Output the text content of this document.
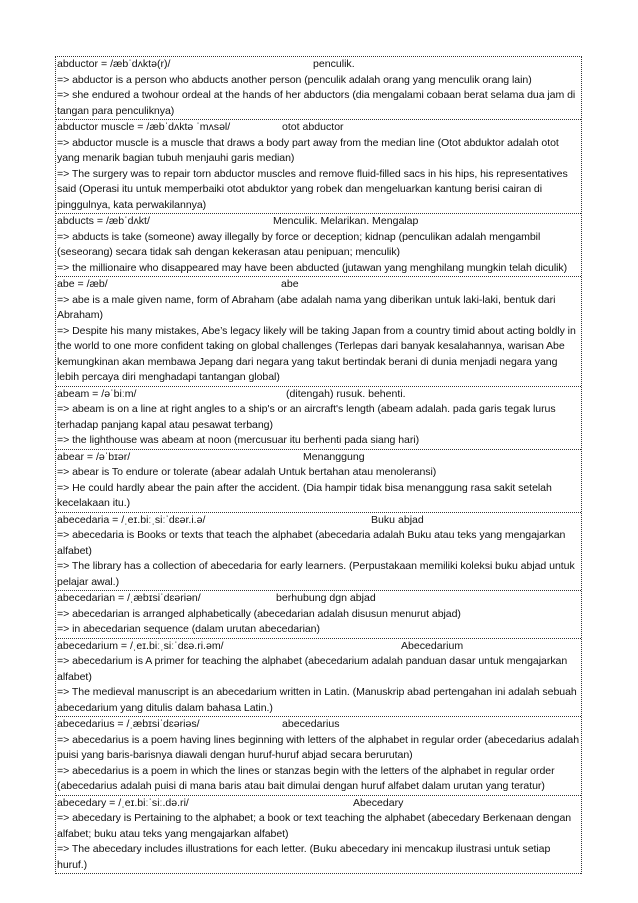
abductor = /æbˈdʌktə(r)/	penculik.
=> abductor is a person who abducts another person (penculik adalah orang yang menculik orang lain)
=> she endured a twohour ordeal at the hands of her abductors (dia mengalami cobaan berat selama dua jam di tangan para penculiknya)
abductor muscle = /æbˈdʌktə ˈmʌsəl/	otot abductor
=> abductor muscle is a muscle that draws a body part away from the median line (Otot abduktor adalah otot yang menarik bagian tubuh menjauhi garis median)
=> The surgery was to repair torn abductor muscles and remove fluid-filled sacs in his hips, his representatives said (Operasi itu untuk memperbaiki otot abduktor yang robek dan mengeluarkan kantung berisi cairan di pinggulnya, kata perwakilannya)
abducts = /æbˈdʌkt/	Menculik. Melarikan. Mengalap
=> abducts is take (someone) away illegally by force or deception; kidnap (penculikan adalah mengambil (seseorang) secara tidak sah dengan kekerasan atau penipuan; menculik)
=> the millionaire who disappeared may have been abducted (jutawan yang menghilang mungkin telah diculik)
abe = /æb/	abe
=> abe is a male given name, form of Abraham (abe adalah nama yang diberikan untuk laki-laki, bentuk dari Abraham)
=> Despite his many mistakes, Abe’s legacy likely will be taking Japan from a country timid about acting boldly in the world to one more confident taking on global challenges (Terlepas dari banyak kesalahannya, warisan Abe kemungkinan akan membawa Jepang dari negara yang takut bertindak berani di dunia menjadi negara yang lebih percaya diri menghadapi tantangan global)
abeam = /əˈbiːm/	(ditengah) rusuk. behenti.
=> abeam is on a line at right angles to a ship's or an aircraft's length (abeam adalah. pada garis tegak lurus terhadap panjang kapal atau pesawat terbang)
=> the lighthouse was abeam at noon (mercusuar itu berhenti pada siang hari)
abear = /əˈbɪər/	Menanggung
=> abear is To endure or tolerate (abear adalah Untuk bertahan atau menoleransi)
=> He could hardly abear the pain after the accident. (Dia hampir tidak bisa menanggung rasa sakit setelah kecelakaan itu.)
abecedaria = /ˌeɪ.biːˌsiːˈdɛər.i.ə/	Buku abjad
=> abecedaria is Books or texts that teach the alphabet (abecedaria adalah Buku atau teks yang mengajarkan alfabet)
=> The library has a collection of abecedaria for early learners. (Perpustakaan memiliki koleksi buku abjad untuk pelajar awal.)
abecedarian = /ˌæbɪsiˈdɛəriən/	berhubung dgn abjad
=> abecedarian is arranged alphabetically (abecedarian adalah disusun menurut abjad)
=> in abecedarian sequence (dalam urutan abecedarian)
abecedarium = /ˌeɪ.biːˌsiːˈdɛə.ri.əm/	Abecedarium
=> abecedarium is A primer for teaching the alphabet (abecedarium adalah panduan dasar untuk mengajarkan alfabet)
=> The medieval manuscript is an abecedarium written in Latin. (Manuskrip abad pertengahan ini adalah sebuah abecedarium yang ditulis dalam bahasa Latin.)
abecedarius = /ˌæbɪsiˈdɛəriəs/	abecedarius
=> abecedarius is a poem having lines beginning with letters of the alphabet in regular order (abecedarius adalah puisi yang baris-barisnya diawali dengan huruf-huruf abjad secara berurutan)
=> abecedarius is a poem in which the lines or stanzas begin with the letters of the alphabet in regular order (abecedarius adalah puisi di mana baris atau bait dimulai dengan huruf alfabet dalam urutan yang teratur)
abecedary = /ˌeɪ.biːˈsiː.də.ri/	Abecedary
=> abecedary is Pertaining to the alphabet; a book or text teaching the alphabet (abecedary Berkenaan dengan alfabet; buku atau teks yang mengajarkan alfabet)
=> The abecedary includes illustrations for each letter. (Buku abecedary ini mencakup ilustrasi untuk setiap huruf.)
